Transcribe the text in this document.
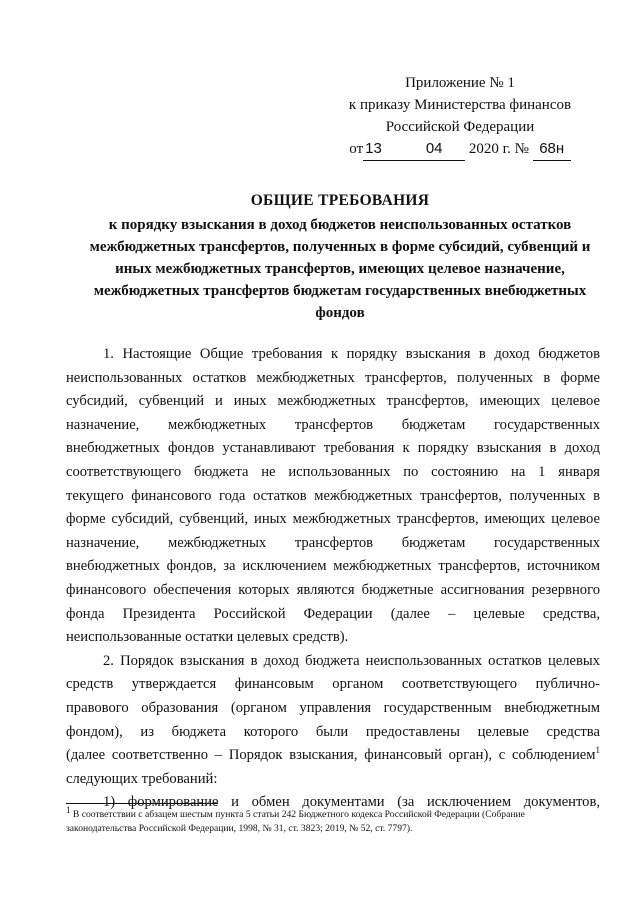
Приложение № 1
к приказу Министерства финансов
Российской Федерации
от 13	04 2020 г. № 68н
ОБЩИЕ ТРЕБОВАНИЯ
к порядку взыскания в доход бюджетов неиспользованных остатков
межбюджетных трансфертов, полученных в форме субсидий, субвенций и
иных межбюджетных трансфертов, имеющих целевое назначение,
межбюджетных трансфертов бюджетам государственных внебюджетных
фондов
1. Настоящие Общие требования к порядку взыскания в доход бюджетов
неиспользованных остатков межбюджетных трансфертов, полученных в форме
субсидий, субвенций и иных межбюджетных трансфертов, имеющих целевое
назначение, межбюджетных трансфертов бюджетам государственных
внебюджетных фондов устанавливают требования к порядку взыскания в доход
соответствующего бюджета не использованных по состоянию на 1 января
текущего финансового года остатков межбюджетных трансфертов, полученных в
форме субсидий, субвенций, иных межбюджетных трансфертов, имеющих целевое
назначение, межбюджетных трансфертов бюджетам государственных
внебюджетных фондов, за исключением межбюджетных трансфертов, источником
финансового обеспечения которых являются бюджетные ассигнования резервного
фонда Президента Российской Федерации (далее – целевые средства,
неиспользованные остатки целевых средств).
2. Порядок взыскания в доход бюджета неиспользованных остатков целевых
средств утверждается финансовым органом соответствующего публично-
правового образования (органом управления государственным внебюджетным
фондом), из бюджета которого были предоставлены целевые средства
(далее соответственно – Порядок взыскания, финансовый орган), с соблюдением$^1$
следующих требований:
1) формирование и обмен документами (за исключением документов,
$^1$ В соответствии с абзацем шестым пункта 5 статьи 242 Бюджетного кодекса Российской Федерации (Собрание
законодательства Российской Федерации, 1998, № 31, ст. 3823; 2019, № 52, ст. 7797).
